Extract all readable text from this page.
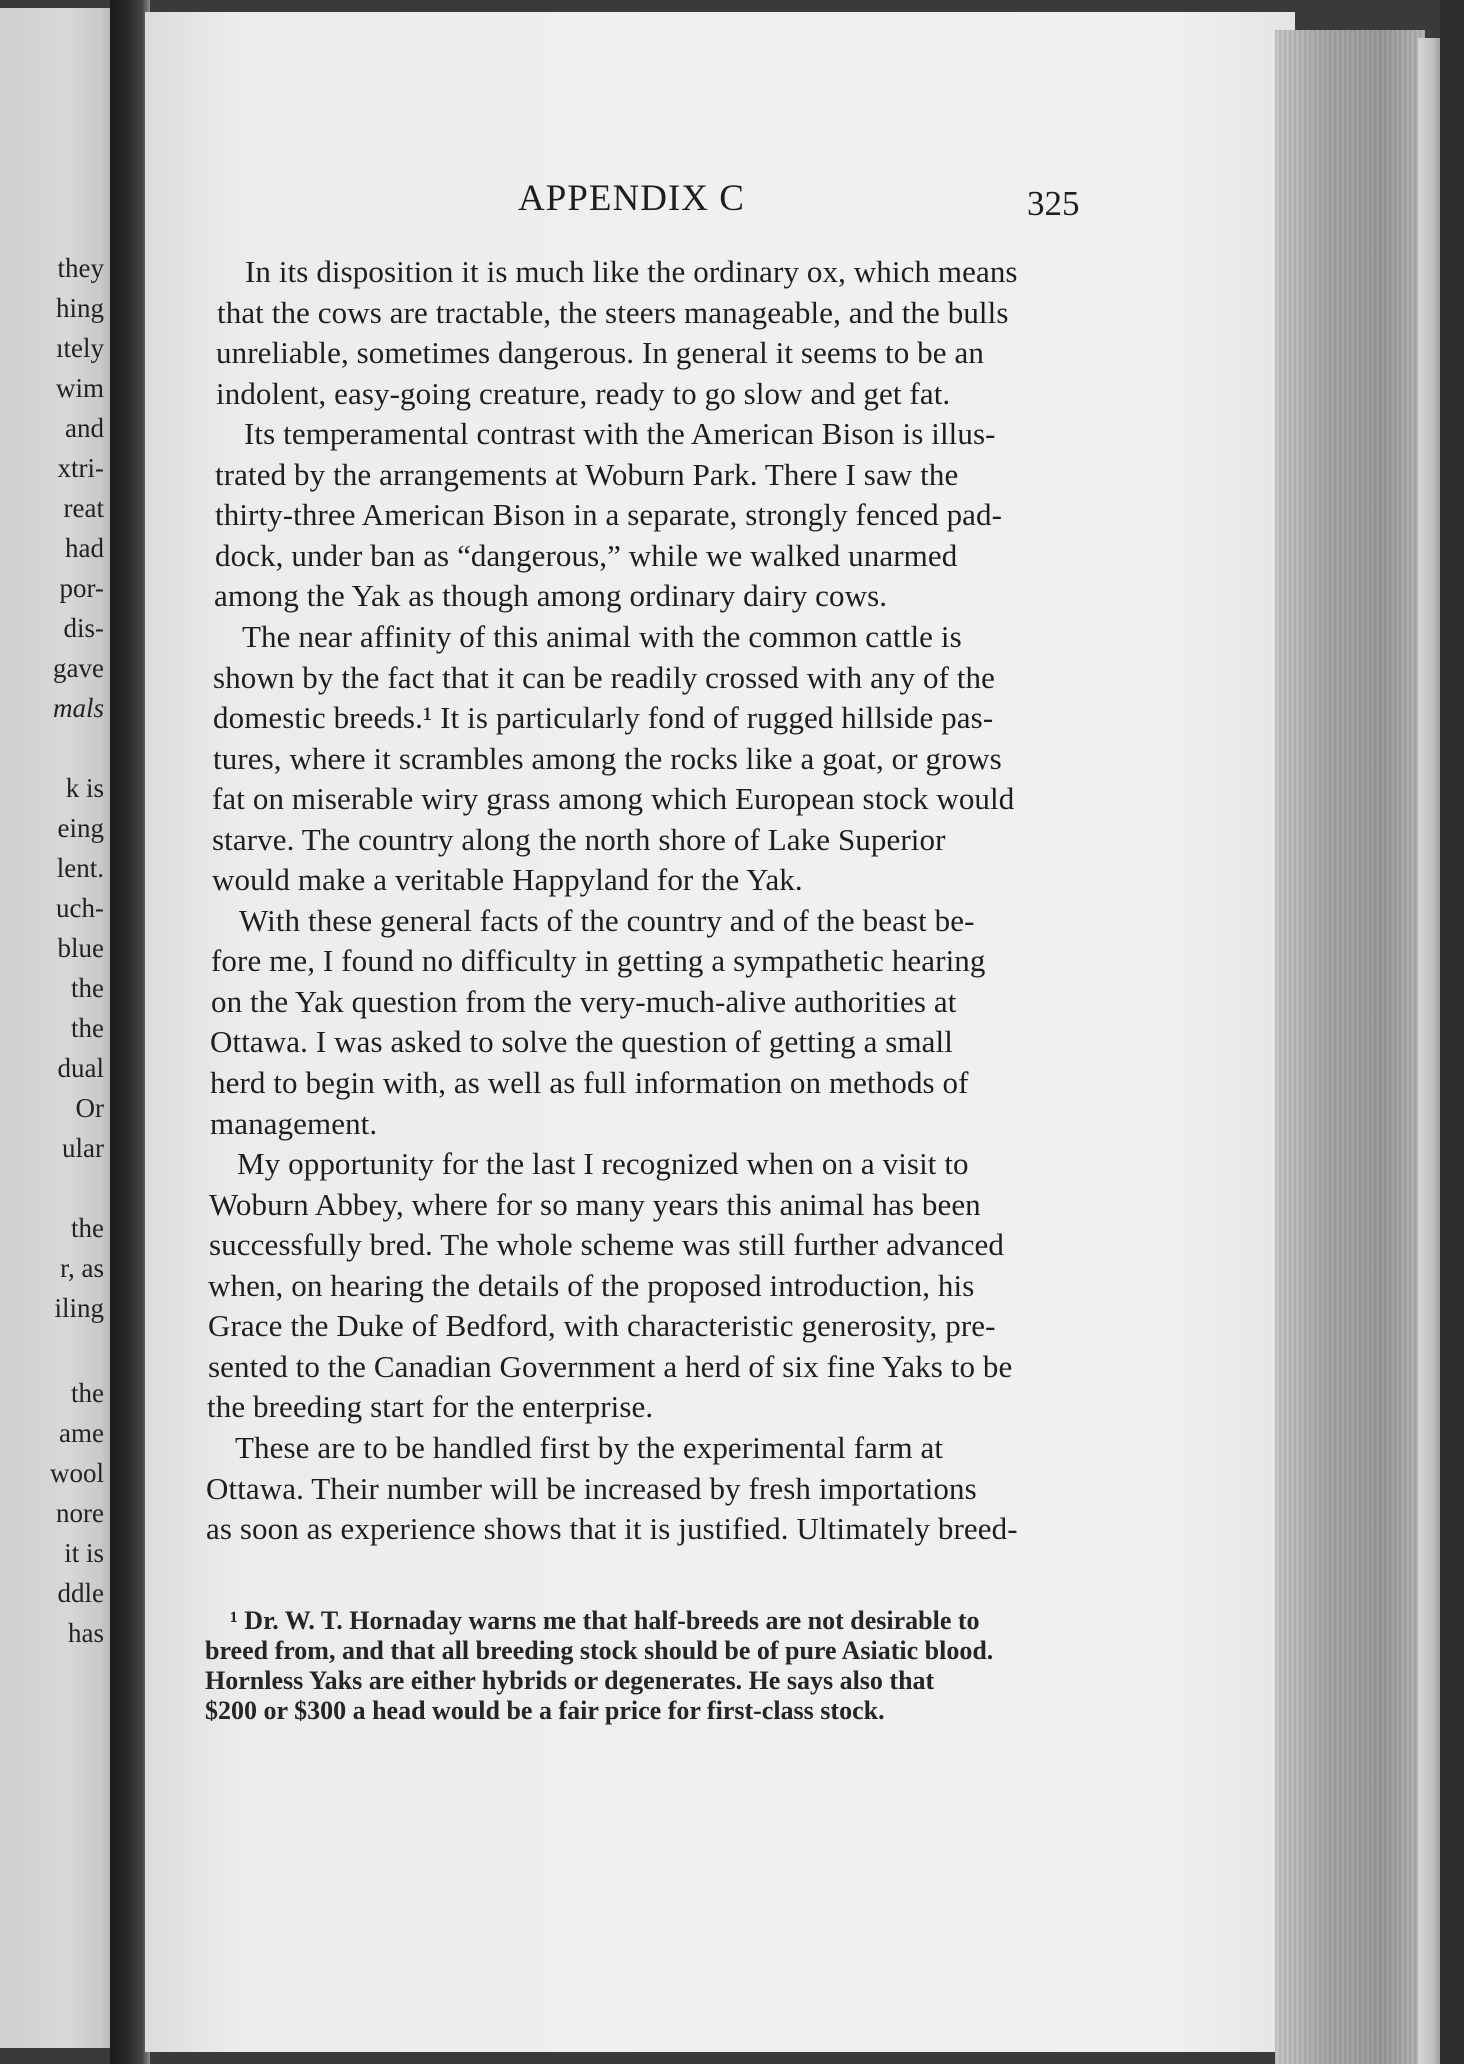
they
hing
ıtely
wim
and
xtri-
reat
had
por-
dis-
gave
mals
k is
eing
lent.
uch-
blue
the
the
dual
Or
ular
the
r, as
iling
the
ame
wool
nore
it is
ddle
has
APPENDIX C	325
In its disposition it is much like the ordinary ox, which means
that the cows are tractable, the steers manageable, and the bulls
unreliable, sometimes dangerous. In general it seems to be an
indolent, easy-going creature, ready to go slow and get fat.
Its temperamental contrast with the American Bison is illus-
trated by the arrangements at Woburn Park. There I saw the
thirty-three American Bison in a separate, strongly fenced pad-
dock, under ban as “dangerous,” while we walked unarmed
among the Yak as though among ordinary dairy cows.
The near affinity of this animal with the common cattle is
shown by the fact that it can be readily crossed with any of the
domestic breeds.¹ It is particularly fond of rugged hillside pas-
tures, where it scrambles among the rocks like a goat, or grows
fat on miserable wiry grass among which European stock would
starve. The country along the north shore of Lake Superior
would make a veritable Happyland for the Yak.
With these general facts of the country and of the beast be-
fore me, I found no difficulty in getting a sympathetic hearing
on the Yak question from the very-much-alive authorities at
Ottawa. I was asked to solve the question of getting a small
herd to begin with, as well as full information on methods of
management.
My opportunity for the last I recognized when on a visit to
Woburn Abbey, where for so many years this animal has been
successfully bred. The whole scheme was still further advanced
when, on hearing the details of the proposed introduction, his
Grace the Duke of Bedford, with characteristic generosity, pre-
sented to the Canadian Government a herd of six fine Yaks to be
the breeding start for the enterprise.
These are to be handled first by the experimental farm at
Ottawa. Their number will be increased by fresh importations
as soon as experience shows that it is justified. Ultimately breed-
¹ Dr. W. T. Hornaday warns me that half-breeds are not desirable to
breed from, and that all breeding stock should be of pure Asiatic blood.
Hornless Yaks are either hybrids or degenerates. He says also that
$200 or $300 a head would be a fair price for first-class stock.
